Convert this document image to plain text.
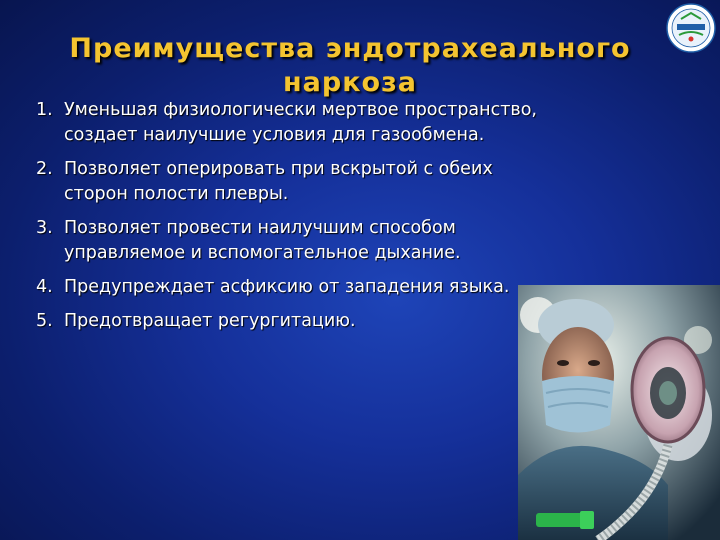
Преимущества эндотрахеального
наркоза
1. Уменьшая физиологически мертвое пространство, создает наилучшие условия для газообмена.
2. Позволяет оперировать при вскрытой с обеих сторон полости плевры.
3. Позволяет провести наилучшим способом управляемое и вспомогательное дыхание.
4. Предупреждает асфиксию от западения языка.
5. Предотвращает регургитацию.
